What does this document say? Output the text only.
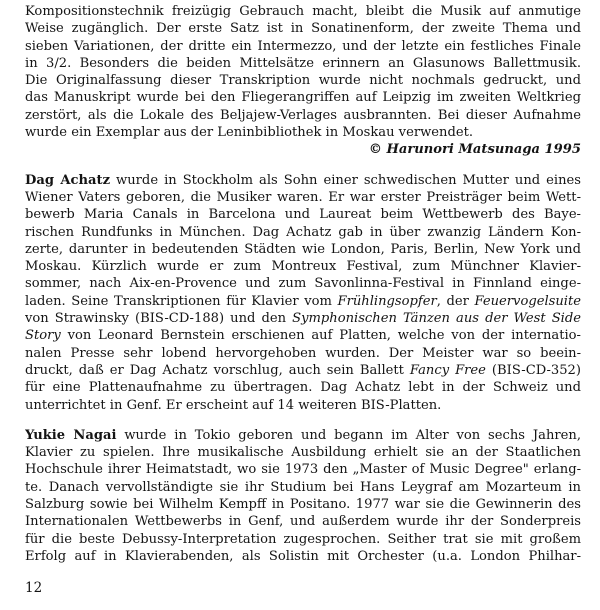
Kompositionstechnik freizügig Gebrauch macht, bleibt die Musik auf anmutige
Weise zugänglich. Der erste Satz ist in Sonatinenform, der zweite Thema und
sieben Variationen, der dritte ein Intermezzo, und der letzte ein festliches Finale
in 3/2. Besonders die beiden Mittelsätze erinnern an Glasunows Ballettmusik.
Die Originalfassung dieser Transkription wurde nicht nochmals gedruckt, und
das Manuskript wurde bei den Fliegerangriffen auf Leipzig im zweiten Weltkrieg
zerstört, als die Lokale des Beljajew-Verlages ausbrannten. Bei dieser Aufnahme
wurde ein Exemplar aus der Leninbibliothek in Moskau verwendet.
© Harunori Matsunaga 1995
Dag Achatz wurde in Stockholm als Sohn einer schwedischen Mutter und eines
Wiener Vaters geboren, die Musiker waren. Er war erster Preisträger beim Wett-
bewerb Maria Canals in Barcelona und Laureat beim Wettbewerb des Baye-
rischen Rundfunks in München. Dag Achatz gab in über zwanzig Ländern Kon-
zerte, darunter in bedeutenden Städten wie London, Paris, Berlin, New York und
Moskau. Kürzlich wurde er zum Montreux Festival, zum Münchner Klavier-
sommer, nach Aix-en-Provence und zum Savonlinna-Festival in Finnland einge-
laden. Seine Transkriptionen für Klavier vom Frühlingsopfer, der Feuervogelsuite
von Strawinsky (BIS-CD-188) und den Symphonischen Tänzen aus der West Side
Story von Leonard Bernstein erschienen auf Platten, welche von der internatio-
nalen Presse sehr lobend hervorgehoben wurden. Der Meister war so beein-
druckt, daß er Dag Achatz vorschlug, auch sein Ballett Fancy Free (BIS-CD-352)
für eine Plattenaufnahme zu übertragen. Dag Achatz lebt in der Schweiz und
unterrichtet in Genf. Er erscheint auf 14 weiteren BIS-Platten.
Yukie Nagai wurde in Tokio geboren und begann im Alter von sechs Jahren,
Klavier zu spielen. Ihre musikalische Ausbildung erhielt sie an der Staatlichen
Hochschule ihrer Heimatstadt, wo sie 1973 den „Master of Music Degree" erlang-
te. Danach vervollständigte sie ihr Studium bei Hans Leygraf am Mozarteum in
Salzburg sowie bei Wilhelm Kempff in Positano. 1977 war sie die Gewinnerin des
Internationalen Wettbewerbs in Genf, und außerdem wurde ihr der Sonderpreis
für die beste Debussy-Interpretation zugesprochen. Seither trat sie mit großem
Erfolg auf in Klavierabenden, als Solistin mit Orchester (u.a. London Philhar-
12
